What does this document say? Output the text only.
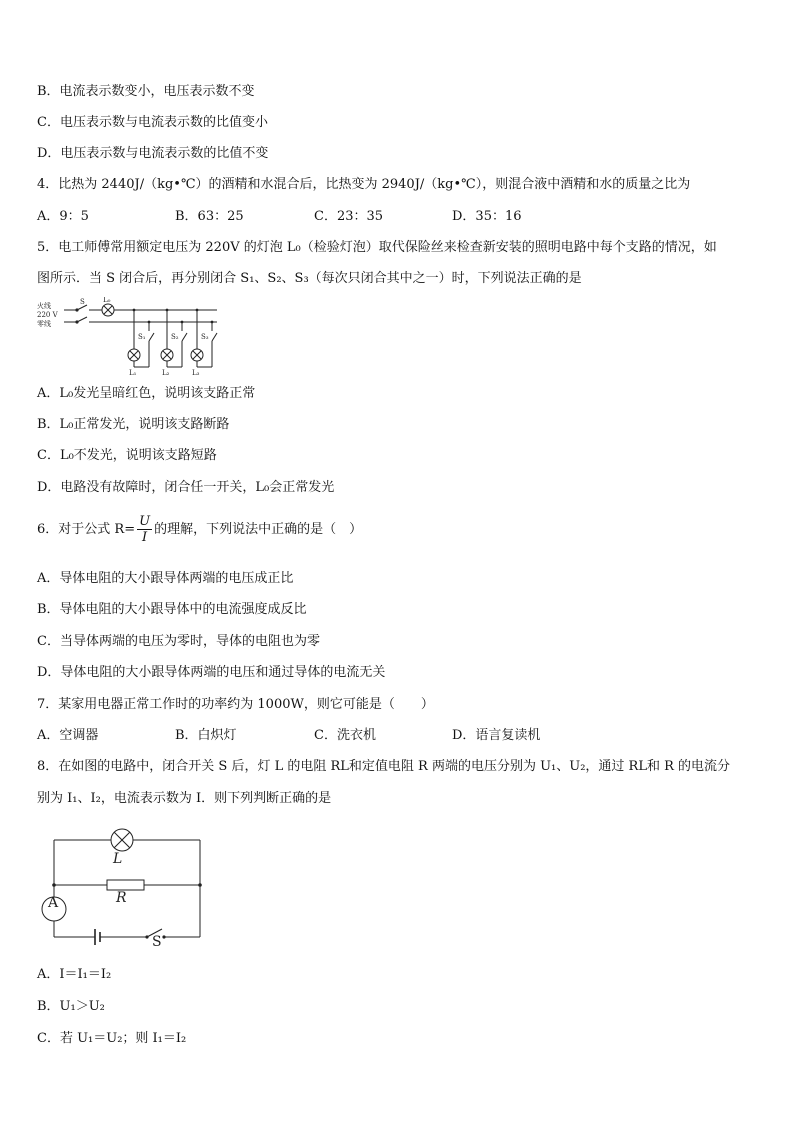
B．电流表示数变小，电压表示数不变
C．电压表示数与电流表示数的比值变小
D．电压表示数与电流表示数的比值不变
4．比热为 2440J/（kg•℃）的酒精和水混合后，比热变为 2940J/（kg•℃），则混合液中酒精和水的质量之比为
A．9：5	B．63：25	C．23：35	D．35：16
5．电工师傅常用额定电压为 220V 的灯泡 L₀（检验灯泡）取代保险丝来检查新安装的照明电路中每个支路的情况，如
图所示．当 S 闭合后，再分别闭合 S₁、S₂、S₃（每次只闭合其中之一）时，下列说法正确的是
火线
220 V
零线
S	L₀
S₁	S₂	S₃
L₁	L₂	L₃
A．L₀发光呈暗红色，说明该支路正常
B．L₀正常发光，说明该支路断路
C．L₀不发光，说明该支路短路
D．电路没有故障时，闭合任一开关，L₀会正常发光
6．对于公式 $R= \frac{U}{I}$ 的理解，下列说法中正确的是（　）
A．导体电阻的大小跟导体两端的电压成正比
B．导体电阻的大小跟导体中的电流强度成反比
C．当导体两端的电压为零时，导体的电阻也为零
D．导体电阻的大小跟导体两端的电压和通过导体的电流无关
7．某家用电器正常工作时的功率约为 1000W，则它可能是（　　）
A．空调器	B．白炽灯	C．洗衣机	D．语言复读机
8．在如图的电路中，闭合开关 S 后，灯 L 的电阻 RL和定值电阻 R 两端的电压分别为 U₁、U₂，通过 RL和 R 的电流分
别为 I₁、I₂，电流表示数为 I．则下列判断正确的是
L
R
A
S
A．I＝I₁＝I₂
B．U₁＞U₂
C．若 U₁＝U₂；则 I₁＝I₂
